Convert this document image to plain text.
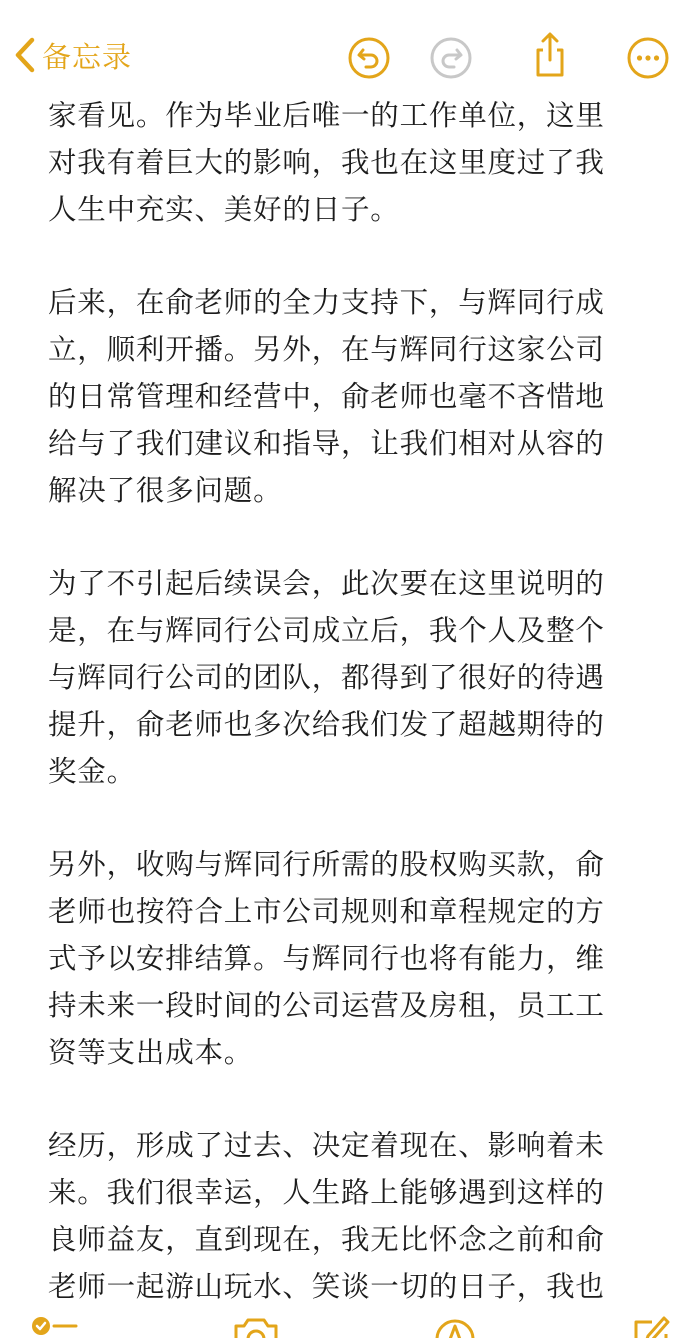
备忘录
家看见。作为毕业后唯一的工作单位，这里
对我有着巨大的影响，我也在这里度过了我
人生中充实、美好的日子。
后来，在俞老师的全力支持下，与辉同行成
立，顺利开播。另外，在与辉同行这家公司
的日常管理和经营中，俞老师也毫不吝惜地
给与了我们建议和指导，让我们相对从容的
解决了很多问题。
为了不引起后续误会，此次要在这里说明的
是，在与辉同行公司成立后，我个人及整个
与辉同行公司的团队，都得到了很好的待遇
提升，俞老师也多次给我们发了超越期待的
奖金。
另外，收购与辉同行所需的股权购买款，俞
老师也按符合上市公司规则和章程规定的方
式予以安排结算。与辉同行也将有能力，维
持未来一段时间的公司运营及房租，员工工
资等支出成本。
经历，形成了过去、决定着现在、影响着未
来。我们很幸运，人生路上能够遇到这样的
良师益友，直到现在，我无比怀念之前和俞
老师一起游山玩水、笑谈一切的日子，我也
